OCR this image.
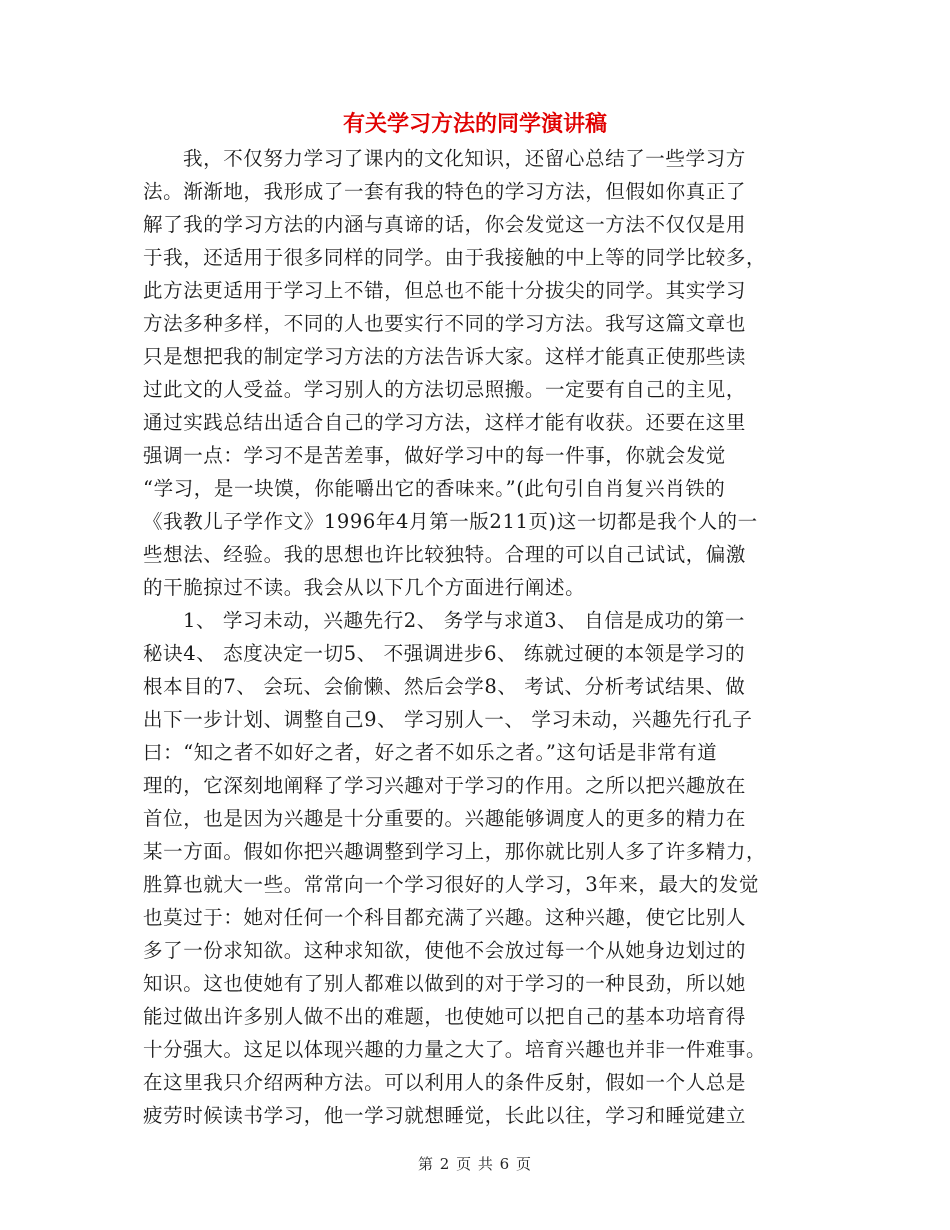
有关学习方法的同学演讲稿
我，不仅努力学习了课内的文化知识，还留心总结了一些学习方
法。渐渐地，我形成了一套有我的特色的学习方法，但假如你真正了
解了我的学习方法的内涵与真谛的话，你会发觉这一方法不仅仅是用
于我，还适用于很多同样的同学。由于我接触的中上等的同学比较多，
此方法更适用于学习上不错，但总也不能十分拔尖的同学。其实学习
方法多种多样，不同的人也要实行不同的学习方法。我写这篇文章也
只是想把我的制定学习方法的方法告诉大家。这样才能真正使那些读
过此文的人受益。学习别人的方法切忌照搬。一定要有自己的主见，
通过实践总结出适合自己的学习方法，这样才能有收获。还要在这里
强调一点：学习不是苦差事，做好学习中的每一件事，你就会发觉
“学习，是一块馍，你能嚼出它的香味来。”(此句引自肖复兴肖铁的
《我教儿子学作文》1996年4月第一版211页)这一切都是我个人的一
些想法、经验。我的思想也许比较独特。合理的可以自己试试，偏激
的干脆掠过不读。我会从以下几个方面进行阐述。
1、 学习未动，兴趣先行2、 务学与求道3、 自信是成功的第一
秘诀4、 态度决定一切5、 不强调进步6、 练就过硬的本领是学习的
根本目的7、 会玩、会偷懒、然后会学8、 考试、分析考试结果、做
出下一步计划、调整自己9、 学习别人一、 学习未动，兴趣先行孔子
曰：“知之者不如好之者，好之者不如乐之者。”这句话是非常有道
理的，它深刻地阐释了学习兴趣对于学习的作用。之所以把兴趣放在
首位，也是因为兴趣是十分重要的。兴趣能够调度人的更多的精力在
某一方面。假如你把兴趣调整到学习上，那你就比别人多了许多精力，
胜算也就大一些。常常向一个学习很好的人学习，3年来，最大的发觉
也莫过于：她对任何一个科目都充满了兴趣。这种兴趣，使它比别人
多了一份求知欲。这种求知欲，使他不会放过每一个从她身边划过的
知识。这也使她有了别人都难以做到的对于学习的一种艮劲，所以她
能过做出许多别人做不出的难题，也使她可以把自己的基本功培育得
十分强大。这足以体现兴趣的力量之大了。培育兴趣也并非一件难事。
在这里我只介绍两种方法。可以利用人的条件反射，假如一个人总是
疲劳时候读书学习，他一学习就想睡觉，长此以往，学习和睡觉建立
第 2 页 共 6 页
